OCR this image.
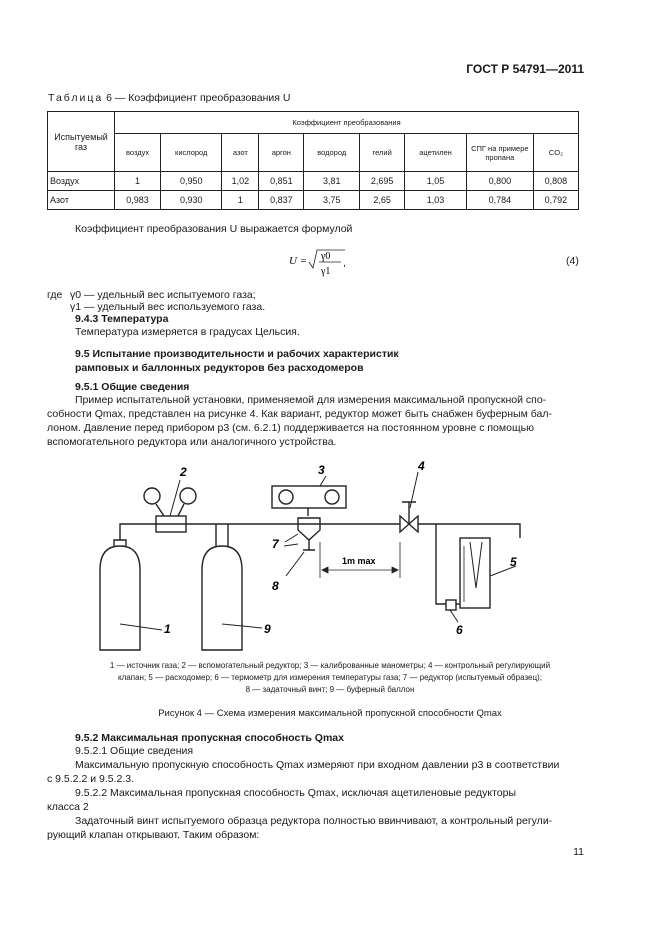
ГОСТ Р 54791—2011
Таблица 6 — Коэффициент преобразования U
Испытуемый газ	Коэффициент преобразования								
	воздух	кислород	азот	аргон	водород	гелий	ацетилен	СПГ на примере пропана	CO₂
Воздух	1	0,950	1,02	0,851	3,81	2,695	1,05	0,800	0,808
Азот	0,983	0,930	1	0,837	3,75	2,65	1,03	0,784	0,792
Коэффициент преобразования U выражается формулой
U = γ0
γ1
,	(4)
где γ0 — удельный вес испытуемого газа;
γ1 — удельный вес используемого газа.
9.4.3 Температура
Температура измеряется в градусах Цельсия.
9.5 Испытание производительности и рабочих характеристик
рамповых и баллонных редукторов без расходомеров
9.5.1 Общие сведения
Пример испытательной установки, применяемой для измерения максимальной пропускной спо-
собности Qmax, представлен на рисунке 4. Как вариант, редуктор может быть снабжен буферным бал-
лоном. Давление перед прибором p3 (см. 6.2.1) поддерживается на постоянном уровне с помощью
вспомогательного редуктора или аналогичного устройства.
1m max
1
2	3	4
5
6
7
8
9
1 — источник газа; 2 — вспомогательный редуктор; 3 — калиброванные манометры; 4 — контрольный регулирующий
клапан; 5 — расходомер; 6 — термометр для измерения температуры газа; 7 — редуктор (испытуемый образец);
8 — задаточный винт; 9 — буферный баллон
Рисунок 4 — Схема измерения максимальной пропускной способности Qmax
9.5.2 Максимальная пропускная способность Qmax
9.5.2.1 Общие сведения
Максимальную пропускную способность Qmax измеряют при входном давлении p3 в соответствии
с 9.5.2.2 и 9.5.2.3.
9.5.2.2 Максимальная пропускная способность Qmax, исключая ацетиленовые редукторы
класса 2
Задаточный винт испытуемого образца редуктора полностью ввинчивают, а контрольный регули-
рующий клапан открывают. Таким образом:
11
